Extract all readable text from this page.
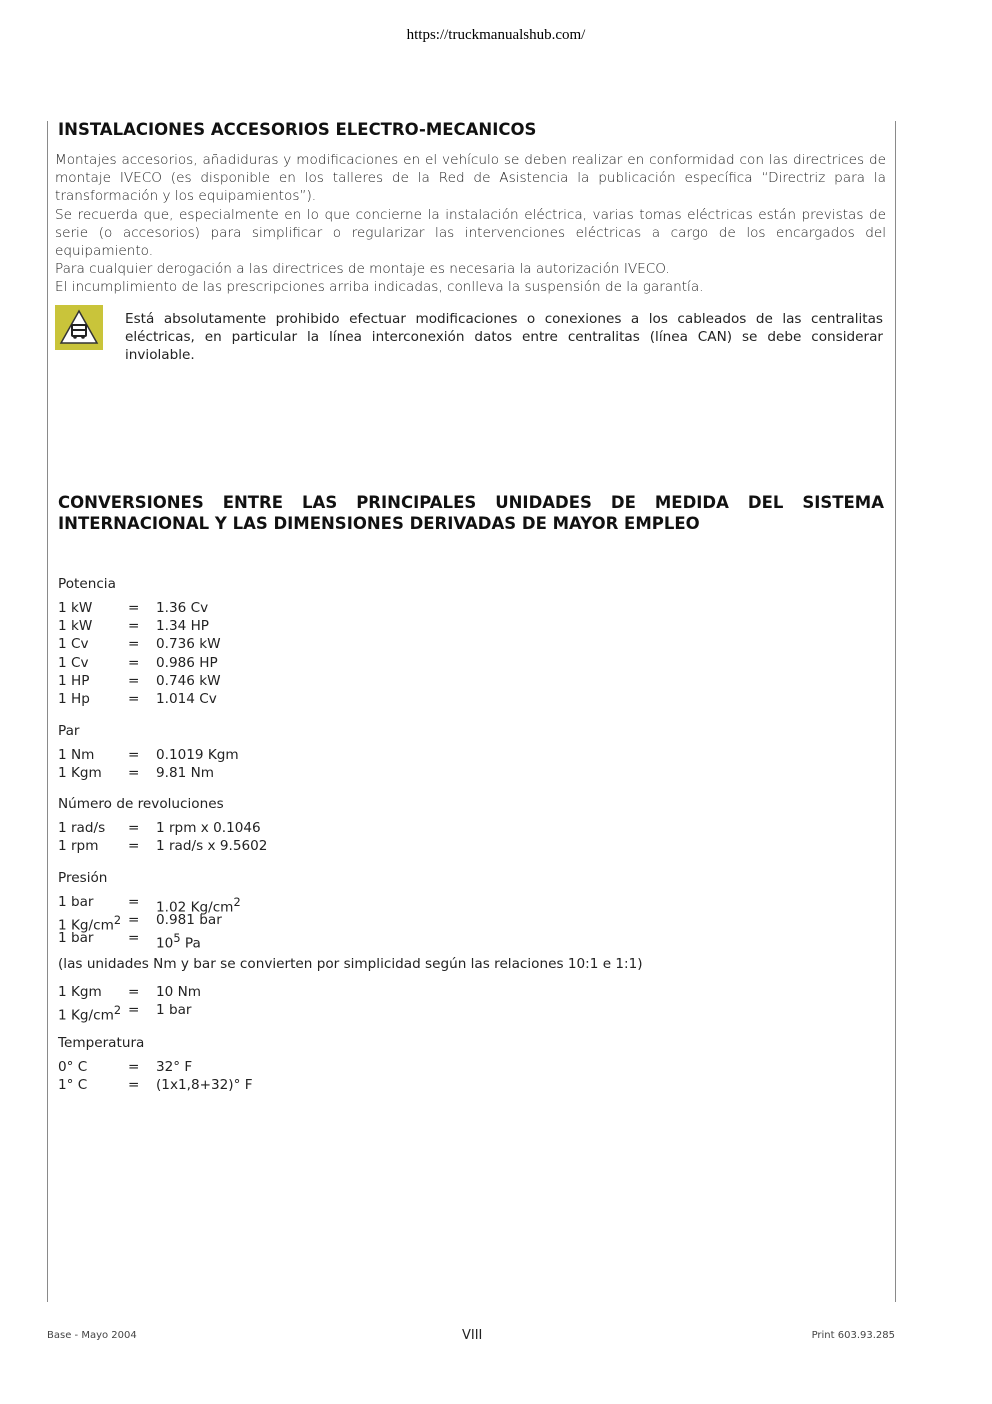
https://truckmanualshub.com/
INSTALACIONES ACCESORIOS ELECTRO-MECANICOS

Montajes accesorios, añadiduras y modificaciones en el vehículo se deben realizar en conformidad con las directrices de montaje IVECO (es disponible en los talleres de la Red de Asistencia la publicación específica “Directriz para la transformación y los equipamientos”).

Se recuerda que, especialmente en lo que concierne la instalación eléctrica, varias tomas eléctricas están previstas de serie (o accesorios) para simplificar o regularizar las intervenciones eléctricas a cargo de los encargados del equipamiento.

Para cualquier derogación a las directrices de montaje es necesaria la autorización IVECO.

El incumplimiento de las prescripciones arriba indicadas, conlleva la suspensión de la garantía.

Está absolutamente prohibido efectuar modificaciones o conexiones a los cableados de las centralitas eléctricas, en particular la línea interconexión datos entre centralitas (línea CAN) se debe considerar inviolable.
CONVERSIONES ENTRE LAS PRINCIPALES UNIDADES DE MEDIDA DEL SISTEMA INTERNACIONAL Y LAS DIMENSIONES DERIVADAS DE MAYOR EMPLEO
Potencia
1 kW	=	1.36 Cv
1 kW	=	1.34 HP
1 Cv	=	0.736 kW
1 Cv	=	0.986 HP
1 HP	=	0.746 kW
1 Hp	=	1.014 Cv
Par
1 Nm	=	0.1019 Kgm
1 Kgm	=	9.81 Nm
Número de revoluciones
1 rad/s	=	1 rpm x 0.1046
1 rpm	=	1 rad/s x 9.5602
Presión
1 bar	=	1.02 $Kg/cm^2$
1 $Kg/cm^2$ =	0.981 bar
1 bar	=	$10^5$ Pa
(las unidades Nm y bar se convierten por simplicidad según las relaciones 10:1 e 1:1)
1 Kgm	=	10 Nm
1 $Kg/cm^2$ =	1 bar
Temperatura
0° C	=	32° F
1° C	=	(1x1,8+32)° F
Base - Mayo 2004	VIII	Print 603.93.285
